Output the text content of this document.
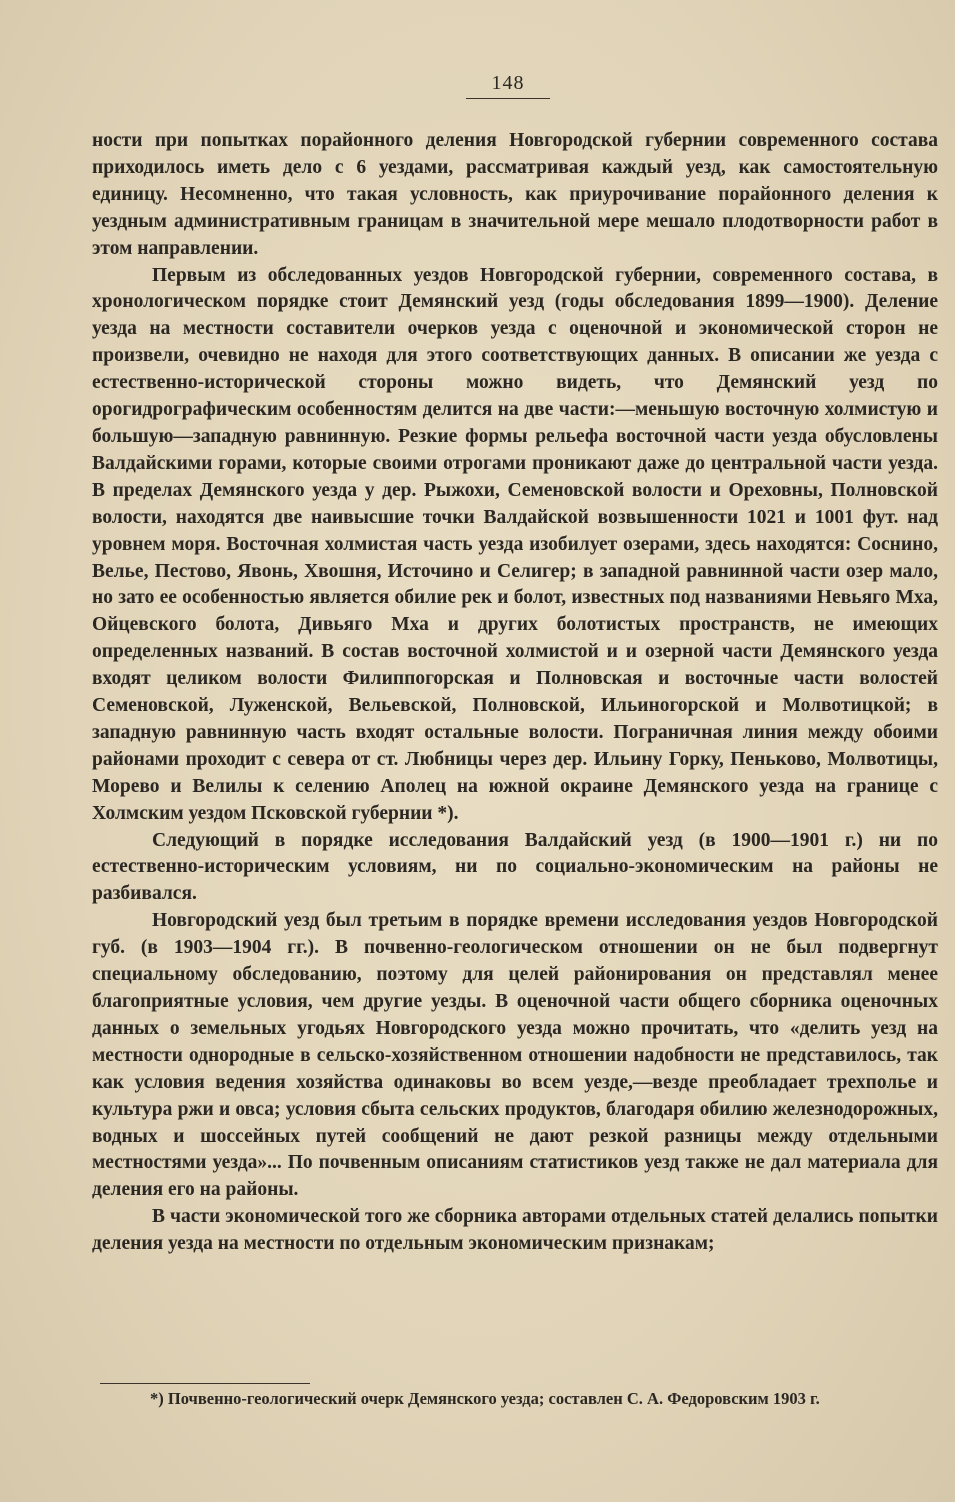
148

ности при попытках порайонного деления Новгородской губернии современного состава приходилось иметь дело с 6 уездами, рассматривая каждый уезд, как самостоятельную единицу. Несомненно, что такая условность, как приурочивание порайонного деления к уездным административным границам в значительной мере мешало плодотворности работ в этом направлении.

Первым из обследованных уездов Новгородской губернии, современного состава, в хронологическом порядке стоит Демянский уезд (годы обследования 1899—1900). Деление уезда на местности составители очерков уезда с оценочной и экономической сторон не произвели, очевидно не находя для этого соответствующих данных. В описании же уезда с естественно-исторической стороны можно видеть, что Демянский уезд по орогидрографическим особенностям делится на две части:—меньшую восточную холмистую и большую—западную равнинную. Резкие формы рельефа восточной части уезда обусловлены Валдайскими горами, которые своими отрогами проникают даже до центральной части уезда. В пределах Демянского уезда у дер. Рыжохи, Семеновской волости и Ореховны, Полновской волости, находятся две наивысшие точки Валдайской возвышенности 1021 и 1001 фут. над уровнем моря. Восточная холмистая часть уезда изобилует озерами, здесь находятся: Соснино, Велье, Пестово, Явонь, Хвошня, Источино и Селигер; в западной равнинной части озер мало, но зато ее особенностью является обилие рек и болот, известных под названиями Невьяго Мха, Ойцевского болота, Дивьяго Мха и других болотистых пространств, не имеющих определенных названий. В состав восточной холмистой и и озерной части Демянского уезда входят целиком волости Филиппогорская и Полновская и восточные части волостей Семеновской, Луженской, Вельевской, Полновской, Ильиногорской и Молвотицкой; в западную равнинную часть входят остальные волости. Пограничная линия между обоими районами проходит с севера от ст. Любницы через дер. Ильину Горку, Пеньково, Молвотицы, Морево и Велилы к селению Аполец на южной окраине Демянского уезда на границе с Холмским уездом Псковской губернии *).

Следующий в порядке исследования Валдайский уезд (в 1900—1901 г.) ни по естественно-историческим условиям, ни по социально-экономическим на районы не разбивался.

Новгородский уезд был третьим в порядке времени исследования уездов Новгородской губ. (в 1903—1904 гг.). В почвенно-геологическом отношении он не был подвергнут специальному обследованию, поэтому для целей районирования он представлял менее благоприятные условия, чем другие уезды. В оценочной части общего сборника оценочных данных о земельных угодьях Новгородского уезда можно прочитать, что «делить уезд на местности однородные в сельско-хозяйственном отношении надобности не представилось, так как условия ведения хозяйства одинаковы во всем уезде,—везде преобладает трехполье и культура ржи и овса; условия сбыта сельских продуктов, благодаря обилию железнодорожных, водных и шоссейных путей сообщений не дают резкой разницы между отдельными местностями уезда»... По почвенным описаниям статистиков уезд также не дал материала для деления его на районы.

В части экономической того же сборника авторами отдельных статей делались попытки деления уезда на местности по отдельным экономическим признакам;

*) Почвенно-геологический очерк Демянского уезда; составлен С. А. Федоровским 1903 г.
